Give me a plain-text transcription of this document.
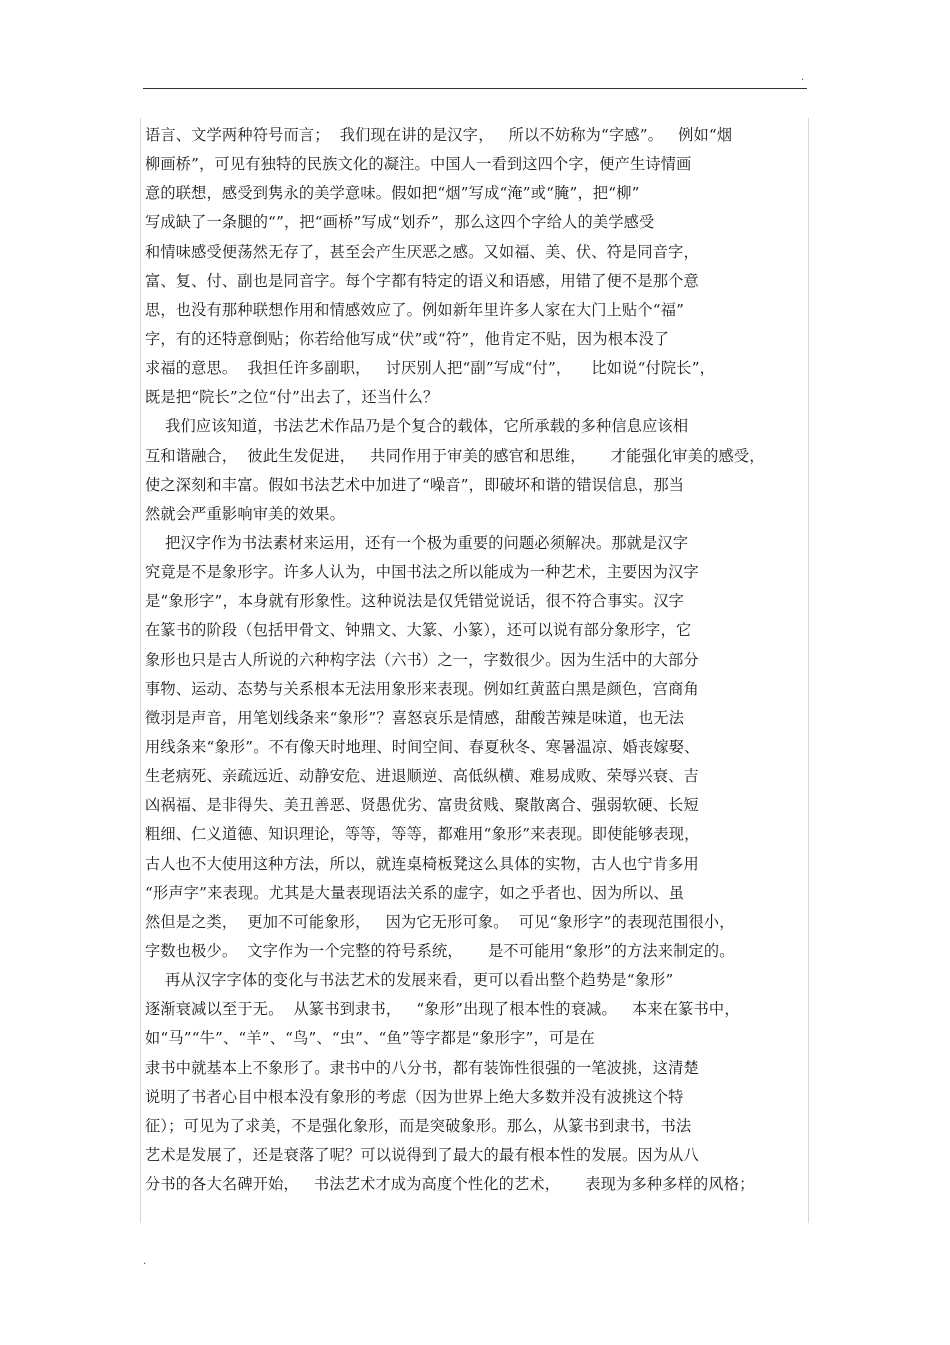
.
语言、文学两种符号而言；  我们现在讲的是汉字，   所以不妨称为“字感”。   例如“烟
柳画桥”，可见有独特的民族文化的凝注。中国人一看到这四个字，便产生诗情画
意的联想，感受到隽永的美学意味。假如把“烟”写成“淹”或“腌”，把“柳”
写成缺了一条腿的“”，把“画桥”写成“划乔”，那么这四个字给人的美学感受
和情味感受便荡然无存了，甚至会产生厌恶之感。又如福、美、伏、符是同音字，
富、复、付、副也是同音字。每个字都有特定的语义和语感，用错了便不是那个意
思，也没有那种联想作用和情感效应了。例如新年里许多人家在大门上贴个“福”
字，有的还特意倒贴；你若给他写成“伏”或“符”，他肯定不贴，因为根本没了
求福的意思。  我担任许多副职，   讨厌别人把“副”写成“付”，    比如说“付院长”，
既是把“院长”之位“付”出去了，还当什么？
我们应该知道，书法艺术作品乃是个复合的载体，它所承载的多种信息应该相
互和谐融合，  彼此生发促进，   共同作用于审美的感官和思维，     才能强化审美的感受，
使之深刻和丰富。假如书法艺术中加进了“噪音”，即破坏和谐的错误信息，那当
然就会严重影响审美的效果。
把汉字作为书法素材来运用，还有一个极为重要的问题必须解决。那就是汉字
究竟是不是象形字。许多人认为，中国书法之所以能成为一种艺术，主要因为汉字
是“象形字”，本身就有形象性。这种说法是仅凭错觉说话，很不符合事实。汉字
在篆书的阶段（包括甲骨文、钟鼎文、大篆、小篆），还可以说有部分象形字，它
象形也只是古人所说的六种构字法（六书）之一，字数很少。因为生活中的大部分
事物、运动、态势与关系根本无法用象形来表现。例如红黄蓝白黑是颜色，宫商角
徵羽是声音，用笔划线条来“象形”？喜怒哀乐是情感，甜酸苦辣是味道，也无法
用线条来“象形”。不有像天时地理、时间空间、春夏秋冬、寒暑温凉、婚丧嫁娶、
生老病死、亲疏远近、动静安危、进退顺逆、高低纵横、难易成败、荣辱兴衰、吉
凶祸福、是非得失、美丑善恶、贤愚优劣、富贵贫贱、聚散离合、强弱软硬、长短
粗细、仁义道德、知识理论，等等，等等，都难用“象形”来表现。即使能够表现，
古人也不大使用这种方法，所以，就连桌椅板凳这么具体的实物，古人也宁肯多用
“形声字”来表现。尤其是大量表现语法关系的虚字，如之乎者也、因为所以、虽
然但是之类，  更加不可能象形，   因为它无形可象。  可见“象形字”的表现范围很小，
字数也极少。  文字作为一个完整的符号系统，     是不可能用“象形”的方法来制定的。
再从汉字字体的变化与书法艺术的发展来看，更可以看出整个趋势是“象形”
逐渐衰减以至于无。  从篆书到隶书，   “象形”出现了根本性的衰减。   本来在篆书中，
如“马”“牛”、“羊”、“鸟”、“虫”、“鱼”等字都是“象形字”，可是在
隶书中就基本上不象形了。隶书中的八分书，都有装饰性很强的一笔波挑，这清楚
说明了书者心目中根本没有象形的考虑（因为世界上绝大多数并没有波挑这个特
征）；可见为了求美，不是强化象形，而是突破象形。那么，从篆书到隶书，书法
艺术是发展了，还是衰落了呢？可以说得到了最大的最有根本性的发展。因为从八
分书的各大名碑开始，   书法艺术才成为高度个性化的艺术，     表现为多种多样的风格；
.
